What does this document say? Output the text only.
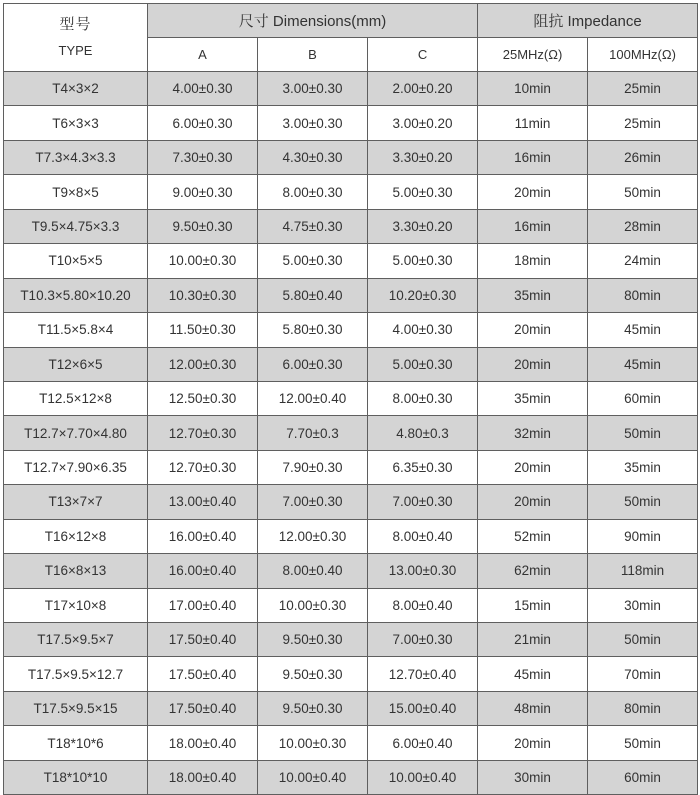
型号
TYPE	尺寸 Dimensions(mm)			阻抗 Impedance	
	A	B	C	25MHz(Ω)	100MHz(Ω)
T4×3×2	4.00±0.30	3.00±0.30	2.00±0.20	10min	25min
T6×3×3	6.00±0.30	3.00±0.30	3.00±0.20	11min	25min
T7.3×4.3×3.3	7.30±0.30	4.30±0.30	3.30±0.20	16min	26min
T9×8×5	9.00±0.30	8.00±0.30	5.00±0.30	20min	50min
T9.5×4.75×3.3	9.50±0.30	4.75±0.30	3.30±0.20	16min	28min
T10×5×5	10.00±0.30	5.00±0.30	5.00±0.30	18min	24min
T10.3×5.80×10.20	10.30±0.30	5.80±0.40	10.20±0.30	35min	80min
T11.5×5.8×4	11.50±0.30	5.80±0.30	4.00±0.30	20min	45min
T12×6×5	12.00±0.30	6.00±0.30	5.00±0.30	20min	45min
T12.5×12×8	12.50±0.30	12.00±0.40	8.00±0.30	35min	60min
T12.7×7.70×4.80	12.70±0.30	7.70±0.3	4.80±0.3	32min	50min
T12.7×7.90×6.35	12.70±0.30	7.90±0.30	6.35±0.30	20min	35min
T13×7×7	13.00±0.40	7.00±0.30	7.00±0.30	20min	50min
T16×12×8	16.00±0.40	12.00±0.30	8.00±0.40	52min	90min
T16×8×13	16.00±0.40	8.00±0.40	13.00±0.30	62min	118min
T17×10×8	17.00±0.40	10.00±0.30	8.00±0.40	15min	30min
T17.5×9.5×7	17.50±0.40	9.50±0.30	7.00±0.30	21min	50min
T17.5×9.5×12.7	17.50±0.40	9.50±0.30	12.70±0.40	45min	70min
T17.5×9.5×15	17.50±0.40	9.50±0.30	15.00±0.40	48min	80min
T18*10*6	18.00±0.40	10.00±0.30	6.00±0.40	20min	50min
T18*10*10	18.00±0.40	10.00±0.40	10.00±0.40	30min	60min
